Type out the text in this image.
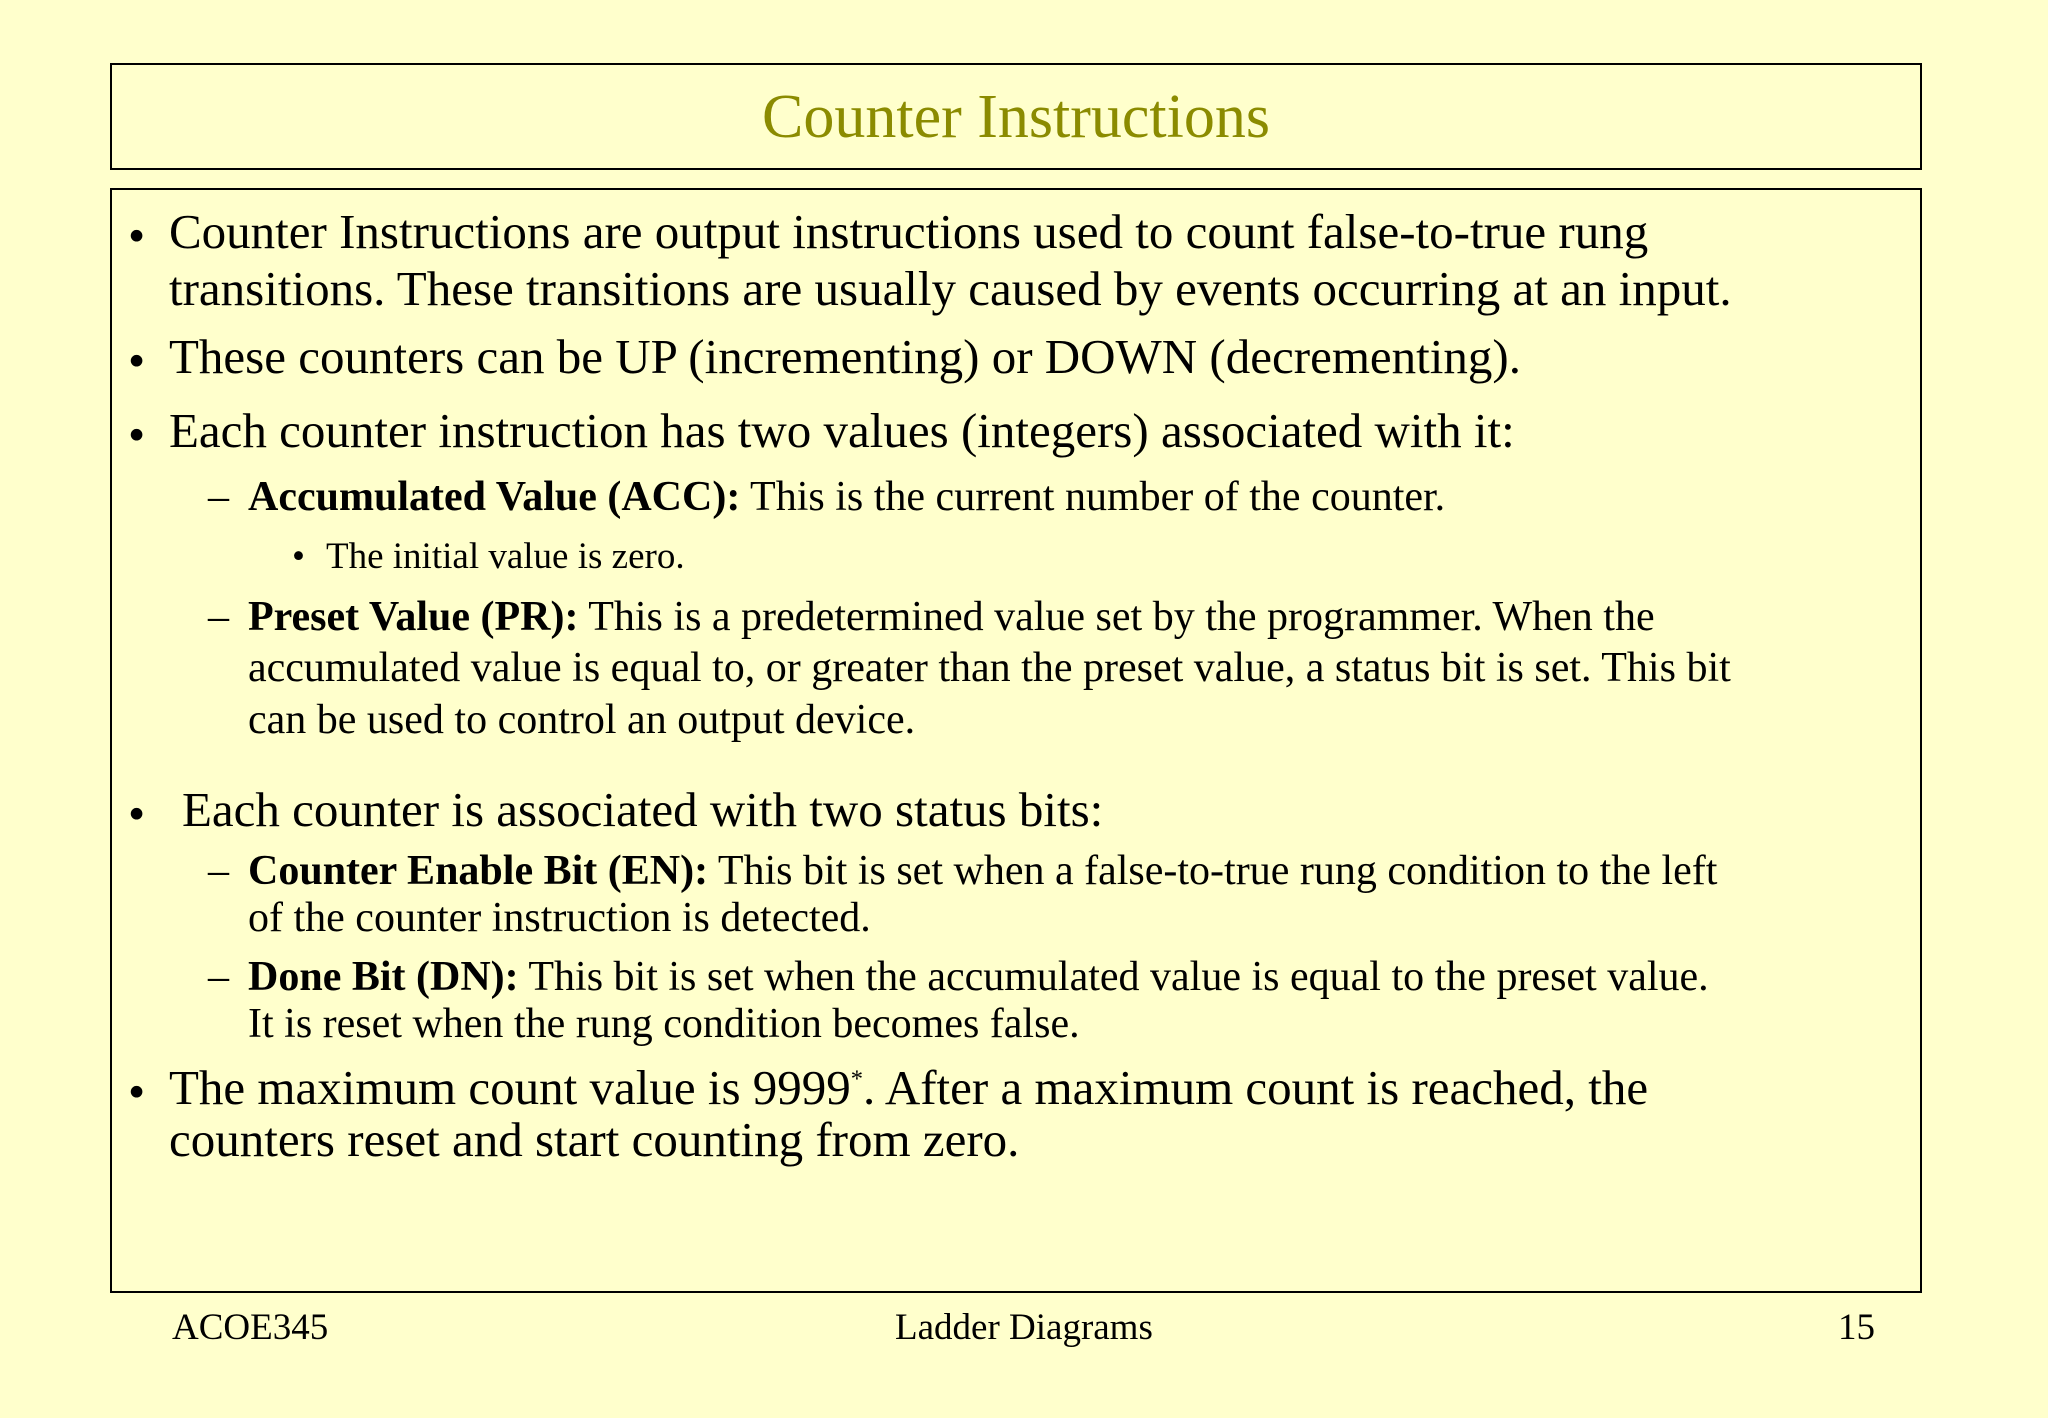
Counter Instructions
• Counter Instructions are output instructions used to count false-to-true rung
transitions. These transitions are usually caused by events occurring at an input.
• These counters can be UP (incrementing) or DOWN (decrementing).
• Each counter instruction has two values (integers) associated with it:
– Accumulated Value (ACC): This is the current number of the counter.
• The initial value is zero.
– Preset Value (PR): This is a predetermined value set by the programmer. When the
accumulated value is equal to, or greater than the preset value, a status bit is set. This bit
can be used to control an output device.
• Each counter is associated with two status bits:
– Counter Enable Bit (EN): This bit is set when a false-to-true rung condition to the left
of the counter instruction is detected.
– Done Bit (DN): This bit is set when the accumulated value is equal to the preset value.
It is reset when the rung condition becomes false.
• The maximum count value is 9999*. After a maximum count is reached, the
counters reset and start counting from zero.
ACOE345	Ladder Diagrams	15
